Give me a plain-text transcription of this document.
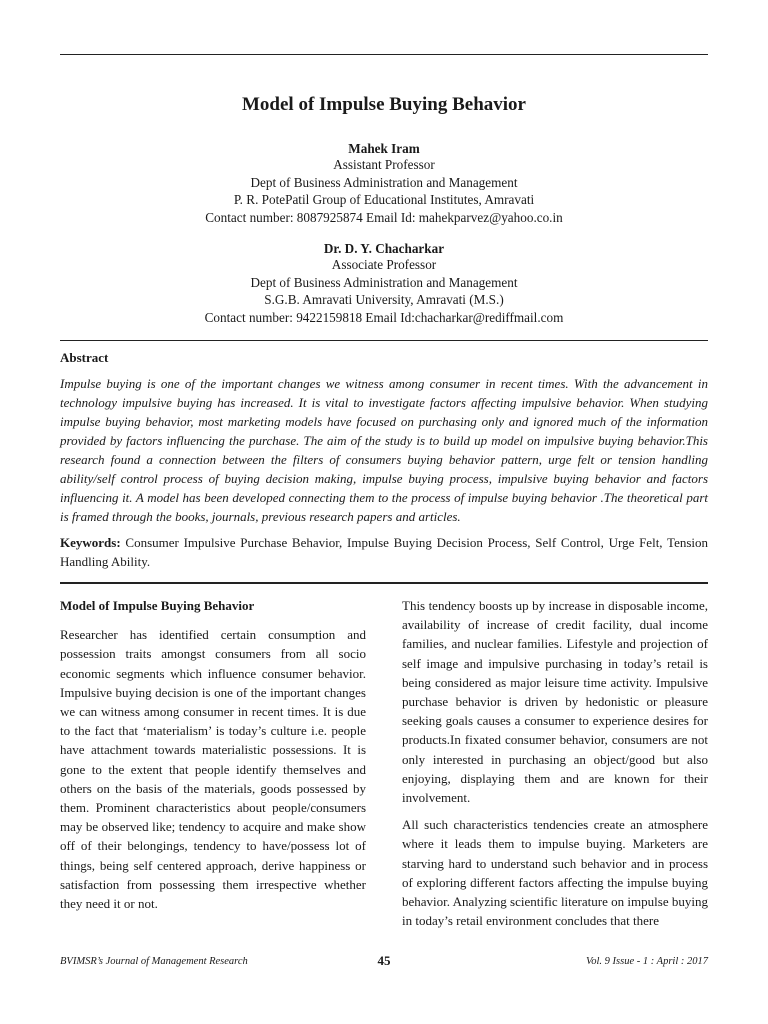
Model of Impulse Buying Behavior
Mahek Iram
Assistant Professor
Dept of Business Administration and Management
P. R. PotePatil Group of Educational Institutes, Amravati
Contact number: 8087925874 Email Id: mahekparvez@yahoo.co.in
Dr. D. Y. Chacharkar
Associate Professor
Dept of Business Administration and Management
S.G.B. Amravati University, Amravati (M.S.)
Contact number: 9422159818 Email Id:chacharkar@rediffmail.com
Abstract

Impulse buying is one of the important changes we witness among consumer in recent times. With the advancement in technology impulsive buying has increased. It is vital to investigate factors affecting impulsive behavior. When studying impulse buying behavior, most marketing models have focused on purchasing only and ignored much of the information provided by factors influencing the purchase. The aim of the study is to build up model on impulsive buying behavior.This research found a connection between the filters of consumers buying behavior pattern, urge felt or tension handling ability/self control process of buying decision making, impulse buying process, impulsive buying behavior and factors influencing it. A model has been developed connecting them to the process of impulse buying behavior .The theoretical part is framed through the books, journals, previous research papers and articles.

Keywords: Consumer Impulsive Purchase Behavior, Impulse Buying Decision Process, Self Control, Urge Felt, Tension Handling Ability.

Model of Impulse Buying Behavior

Researcher has identified certain consumption and possession traits amongst consumers from all socio economic segments which influence consumer behavior. Impulsive buying decision is one of the important changes we can witness among consumer in recent times. It is due to the fact that ‘materialism’ is today’s culture i.e. people have attachment towards materialistic possessions. It is gone to the extent that people identify themselves and others on the basis of the materials, goods possessed by them. Prominent characteristics about people/consumers may be observed like; tendency to acquire and make show off of their belongings, tendency to have/possess lot of things, being self centered approach, derive happiness or satisfaction from possessing them irrespective whether they need it or not.

This tendency boosts up by increase in disposable income, availability of increase of credit facility, dual income families, and nuclear families. Lifestyle and projection of self image and impulsive purchasing in today’s retail is being considered as major leisure time activity. Impulsive purchase behavior is driven by hedonistic or pleasure seeking goals causes a consumer to experience desires for products.In fixated consumer behavior, consumers are not only interested in purchasing an object/good but also enjoying, displaying them and are known for their involvement.

All such characteristics tendencies create an atmosphere where it leads them to impulse buying. Marketers are starving hard to understand such behavior and in process of exploring different factors affecting the impulse buying behavior. Analyzing scientific literature on impulse buying in today’s retail environment concludes that there

BVIMSR’s Journal of Management Research	45	Vol. 9 Issue - 1 : April : 2017
